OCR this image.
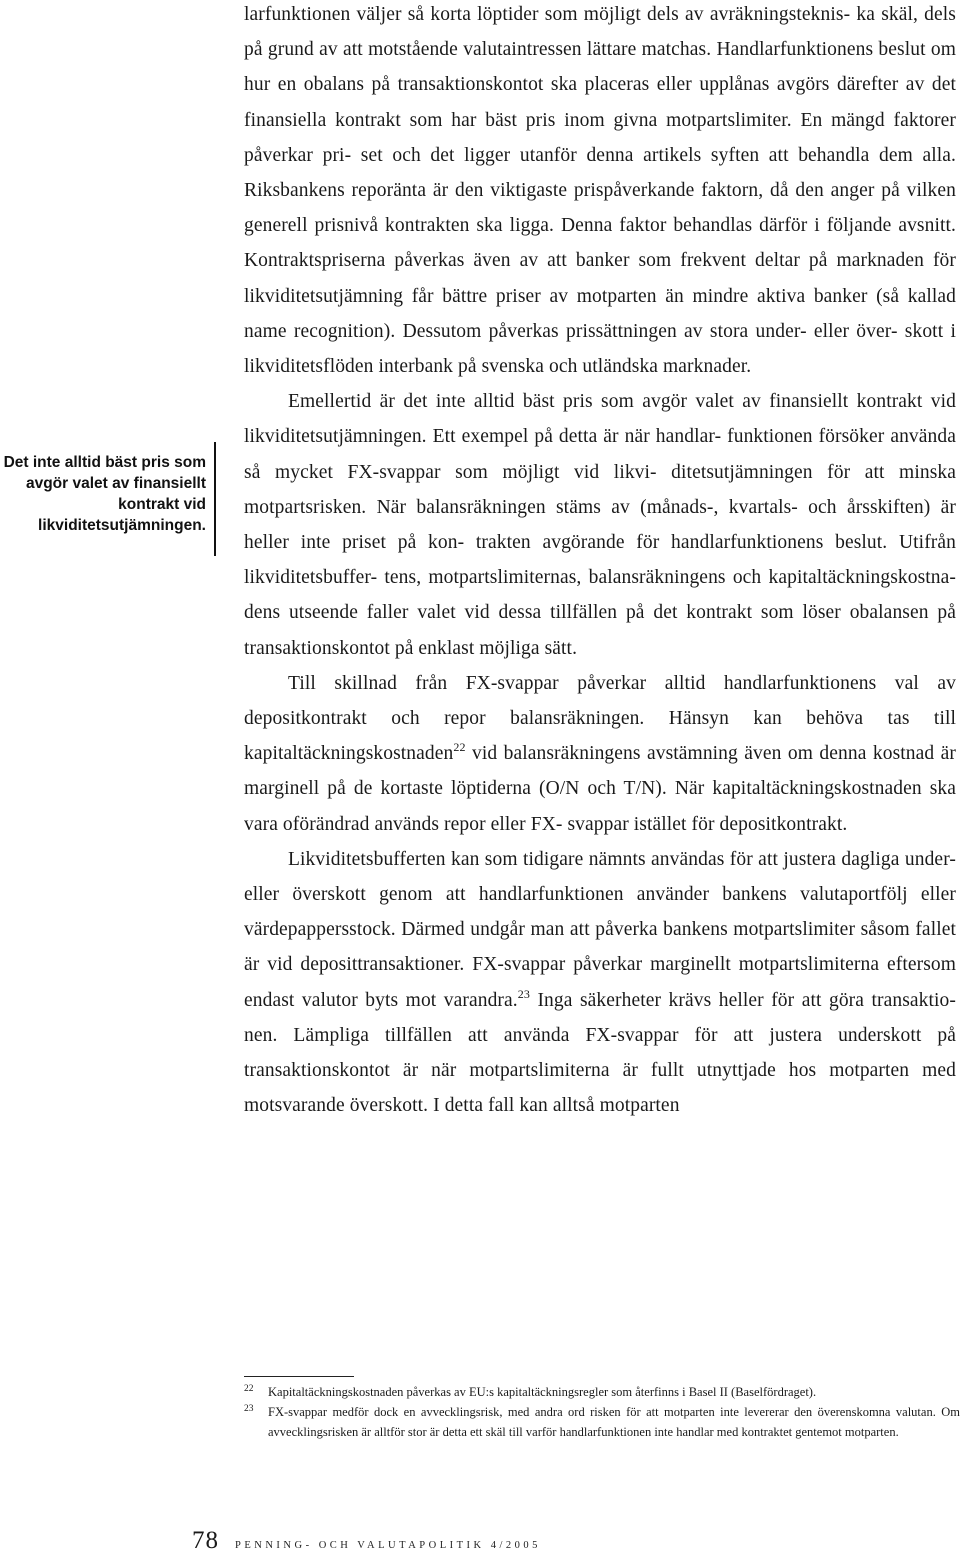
Det inte alltid bäst pris som avgör valet av finansiellt kontrakt vid likviditetsutjämningen.

larfunktionen väljer så korta löptider som möjligt dels av avräkningsteknis- ka skäl, dels på grund av att motstående valutaintressen lättare matchas. Handlarfunktionens beslut om hur en obalans på transaktionskontot ska placeras eller upplånas avgörs därefter av det finansiella kontrakt som har bäst pris inom givna motpartslimiter. En mängd faktorer påverkar pri- set och det ligger utanför denna artikels syften att behandla dem alla. Riksbankens reporänta är den viktigaste prispåverkande faktorn, då den anger på vilken generell prisnivå kontrakten ska ligga. Denna faktor behandlas därför i följande avsnitt. Kontraktspriserna påverkas även av att banker som frekvent deltar på marknaden för likviditetsutjämning får bättre priser av motparten än mindre aktiva banker (så kallad name recognition). Dessutom påverkas prissättningen av stora under- eller över- skott i likviditetsflöden interbank på svenska och utländska marknader.

Emellertid är det inte alltid bäst pris som avgör valet av finansiellt kontrakt vid likviditetsutjämningen. Ett exempel på detta är när handlar- funktionen försöker använda så mycket FX-svappar som möjligt vid likvi- ditetsutjämningen för att minska motpartsrisken. När balansräkningen stäms av (månads-, kvartals- och årsskiften) är heller inte priset på kon- trakten avgörande för handlarfunktionens beslut. Utifrån likviditetsbuffer- tens, motpartslimiternas, balansräkningens och kapitaltäckningskostna- dens utseende faller valet vid dessa tillfällen på det kontrakt som löser obalansen på transaktionskontot på enklast möjliga sätt.

Till skillnad från FX-svappar påverkar alltid handlarfunktionens val av depositkontrakt och repor balansräkningen. Hänsyn kan behöva tas till kapitaltäckningskostnaden$^{22}$ vid balansräkningens avstämning även om denna kostnad är marginell på de kortaste löptiderna (O/N och T/N). När kapitaltäckningskostnaden ska vara oförändrad används repor eller FX- svappar istället för depositkontrakt.

Likviditetsbufferten kan som tidigare nämnts användas för att justera dagliga under- eller överskott genom att handlarfunktionen använder bankens valutaportfölj eller värdepappersstock. Därmed undgår man att påverka bankens motpartslimiter såsom fallet är vid deposittransaktioner. FX-svappar påverkar marginellt motpartslimiterna eftersom endast valutor byts mot varandra.$^{23}$ Inga säkerheter krävs heller för att göra transaktio- nen. Lämpliga tillfällen att använda FX-svappar för att justera underskott på transaktionskontot är när motpartslimiterna är fullt utnyttjade hos motparten med motsvarande överskott. I detta fall kan alltså motparten

22 Kapitaltäckningskostnaden påverkas av EU:s kapitaltäckningsregler som återfinns i Basel II (Baselfördraget).
23 FX-svappar medför dock en avvecklingsrisk, med andra ord risken för att motparten inte levererar den överenskomna valutan. Om avvecklingsrisken är alltför stor är detta ett skäl till varför handlarfunktionen inte handlar med kontraktet gentemot motparten.
78 PENNING- OCH VALUTAPOLITIK 4/2005
